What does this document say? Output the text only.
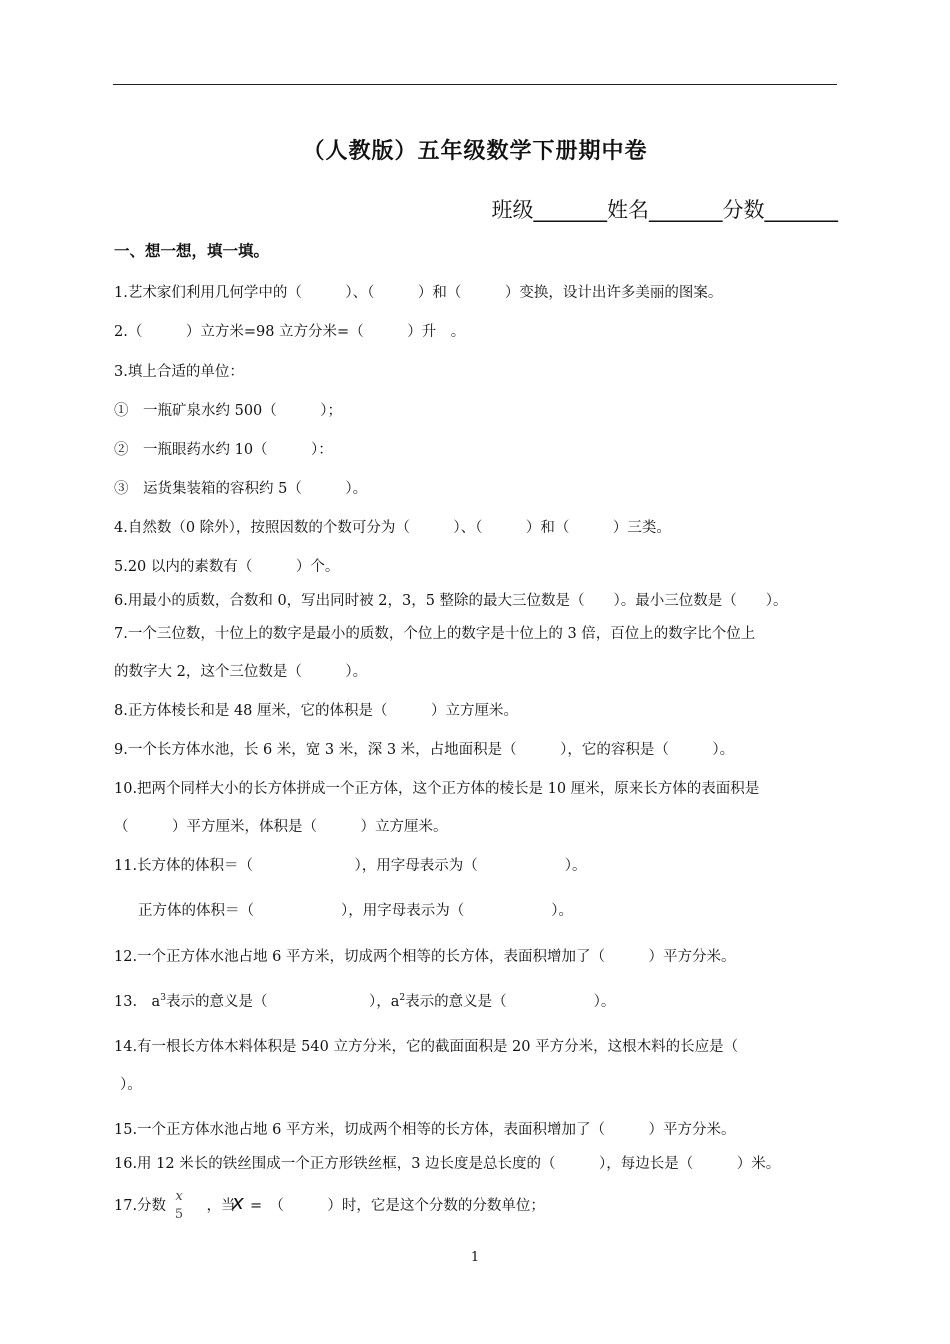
（人教版）五年级数学下册期中卷
班级_______姓名_______分数_______
一、想一想，填一填。
1.艺术家们利用几何学中的（　　　）、（　　　）和（　　　）变换，设计出许多美丽的图案。
2.（　　　）立方米=98 立方分米=（　　　）升　。
3.填上合适的单位：
①　一瓶矿泉水约 500（　　　）；
②　一瓶眼药水约 10（　　　）：
③　运货集装箱的容积约 5（　　　）。
4.自然数（0 除外），按照因数的个数可分为（　　　）、（　　　）和（　　　）三类。
5.20 以内的素数有（　　　）个。
6.用最小的质数，合数和 0，写出同时被 2，3，5 整除的最大三位数是（　　）。最小三位数是（　　）。
7.一个三位数，十位上的数字是最小的质数，个位上的数字是十位上的 3 倍，百位上的数字比个位上
的数字大 2，这个三位数是（　　　）。
8.正方体棱长和是 48 厘米，它的体积是（　　　）立方厘米。
9.一个长方体水池，长 6 米，宽 3 米，深 3 米，占地面积是（　　　），它的容积是（　　　）。
10.把两个同样大小的长方体拼成一个正方体，这个正方体的棱长是 10 厘米，原来长方体的表面积是
（　　　）平方厘米，体积是（　　　）立方厘米。
11.长方体的体积＝（　　　　　　　），用字母表示为（　　　　　　）。
正方体的体积＝（　　　　　　），用字母表示为（　　　　　　）。
12.一个正方体水池占地 6 平方米，切成两个相等的长方体，表面积增加了（　　　）平方分米。
13.　$a^3$表示的意义是（　　　　　　　），$a^2$表示的意义是（　　　　　　）。
14.有一根长方体木料体积是 540 立方分米，它的截面面积是 20 平方分米，这根木料的长应是（
）。
15.一个正方体水池占地 6 平方米，切成两个相等的长方体，表面积增加了（　　　）平方分米。
16.用 12 米长的铁丝围成一个正方形铁丝框，3 边长度是总长度的（　　　），每边长是（　　　）米。
17.分数
x
5
　，当
x =　（　　　）时，它是这个分数的分数单位；
1
